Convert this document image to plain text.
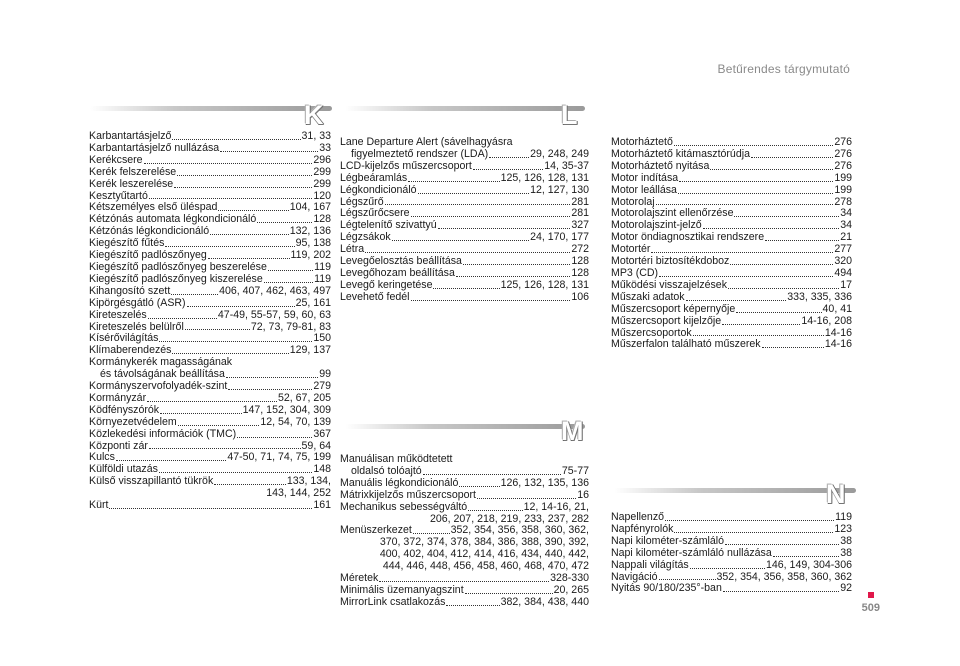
Betűrendes tárgymutató
K
Karbantartásjelző	31, 33
Karbantartásjelző nullázása	33
Kerékcsere	296
Kerék felszerelése	299
Kerék leszerelése	299
Kesztyűtartó	120
Kétszemélyes első üléspad	104, 167
Kétzónás automata légkondicionáló	128
Kétzónás légkondicionáló	132, 136
Kiegészítő fűtés	95, 138
Kiegészítő padlószőnyeg	119, 202
Kiegészítő padlószőnyeg beszerelése	119
Kiegészítő padlószőnyeg kiszerelése	119
Kihangosító szett	406, 407, 462, 463, 497
Kipörgésgátló (ASR)	25, 161
Kireteszelés	47-49, 55-57, 59, 60, 63
Kireteszelés belülről	72, 73, 79-81, 83
Kísérővilágítás	150
Klímaberendezés	129, 137
Kormánykerék magasságának
és távolságának beállítása	99
Kormányszervofolyadék-szint	279
Kormányzár	52, 67, 205
Ködfényszórók	147, 152, 304, 309
Környezetvédelem	12, 54, 70, 139
Közlekedési információk (TMC)	367
Központi zár	59, 64
Kulcs	47-50, 71, 74, 75, 199
Külföldi utazás	148
Külső visszapillantó tükrök	133, 134,
143, 144, 252
Kürt	161
L
Lane Departure Alert (sávelhagyásra
figyelmeztető rendszer (LDA)	29, 248, 249
LCD-kijelzős műszercsoport	14, 35-37
Légbeáramlás	125, 126, 128, 131
Légkondicionáló	12, 127, 130
Légszűrő	281
Légszűrőcsere	281
Légtelenítő szivattyú	327
Légzsákok	24, 170, 177
Létra	272
Levegőelosztás beállítása	128
Levegőhozam beállítása	128
Levegő keringetése	125, 126, 128, 131
Levehető fedél	106
M
Manuálisan működtetett
oldalsó tolóajtó	75-77
Manuális légkondicionáló	126, 132, 135, 136
Mátrixkijelzős műszercsoport	16
Mechanikus sebességváltó	12, 14-16, 21,
206, 207, 218, 219, 233, 237, 282
Menüszerkezet	352, 354, 356, 358, 360, 362,
370, 372, 374, 378, 384, 386, 388, 390, 392,
400, 402, 404, 412, 414, 416, 434, 440, 442,
444, 446, 448, 456, 458, 460, 468, 470, 472
Méretek	328-330
Minimális üzemanyagszint	20, 265
MirrorLink csatlakozás	382, 384, 438, 440
Motorháztető	276
Motorháztető kitámasztórúdja	276
Motorháztető nyitása	276
Motor indítása	199
Motor leállása	199
Motorolaj	278
Motorolajszint ellenőrzése	34
Motorolajszint-jelző	34
Motor öndiagnosztikai rendszere	21
Motortér	277
Motortéri biztosítékdoboz	320
MP3 (CD)	494
Működési visszajelzések	17
Műszaki adatok	333, 335, 336
Műszercsoport képernyője	40, 41
Műszercsoport kijelzője	14-16, 208
Műszercsoportok	14-16
Műszerfalon található műszerek	14-16
N
Napellenző	119
Napfényrolók	123
Napi kilométer-számláló	38
Napi kilométer-számláló nullázása	38
Nappali világítás	146, 149, 304-306
Navigáció	352, 354, 356, 358, 360, 362
Nyitás 90/180/235°-ban	92
509
